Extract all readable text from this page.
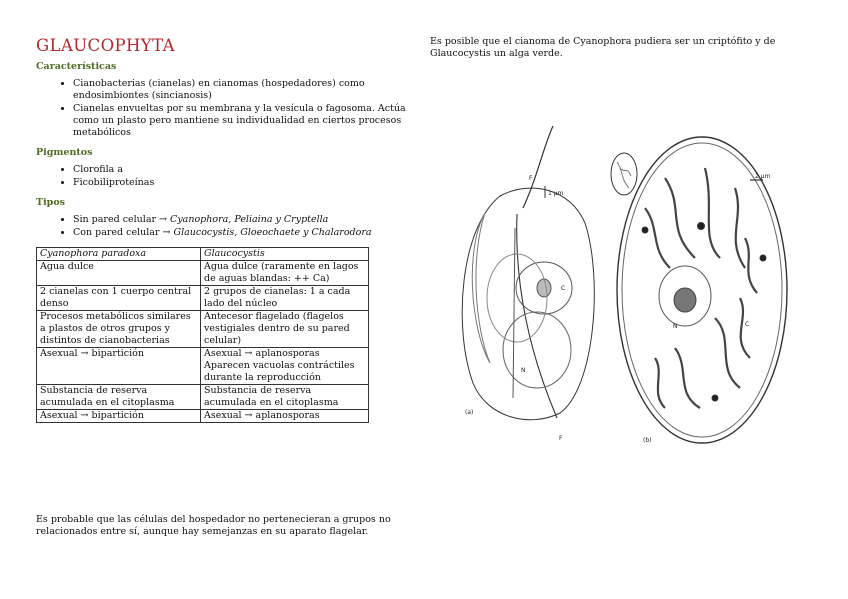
GLAUCOPHYTA

Características

• Cianobacterias (cianelas) en cianomas (hospedadores) como endosimbiontes (sincianosis)
• Cianelas envueltas por su membrana y la vesícula o fagosoma. Actúa como un plasto pero mantiene su individualidad en ciertos procesos metabólicos

Pigmentos

• Clorofila a
• Ficobiliproteínas

Tipos

• Sin pared celular → Cyanophora, Peliaina y Cryptella
• Con pared celular → Glaucocystis, Gloeochaete y Chalarodora
Cyanophora paradoxa	Glaucocystis
Agua dulce	Agua dulce (raramente en lagos de aguas blandas: ++ Ca)
2 cianelas con 1 cuerpo central denso	2 grupos de cianelas: 1 a cada lado del núcleo
Procesos metabólicos similares a plastos de otros grupos y distintos de cianobacterias	Antecesor flagelado (flagelos vestigiales dentro de su pared celular)
Asexual → bipartición	Asexual → aplanosporas Aparecen vacuolas contráctiles durante la reproducción
Substancia de reserva acumulada en el citoplasma	Substancia de reserva acumulada en el citoplasma
Asexual → bipartición	Asexual → aplanosporas

Es probable que las células del hospedador no pertenecieran a grupos no relacionados entre sí, aunque hay semejanzas en su aparato flagelar.

Es posible que el cianoma de Cyanophora pudiera ser un criptófito y de Glaucocystis un alga verde.

1 µm
(a)
F
F
C
N
2 µm
(b)
N	C
